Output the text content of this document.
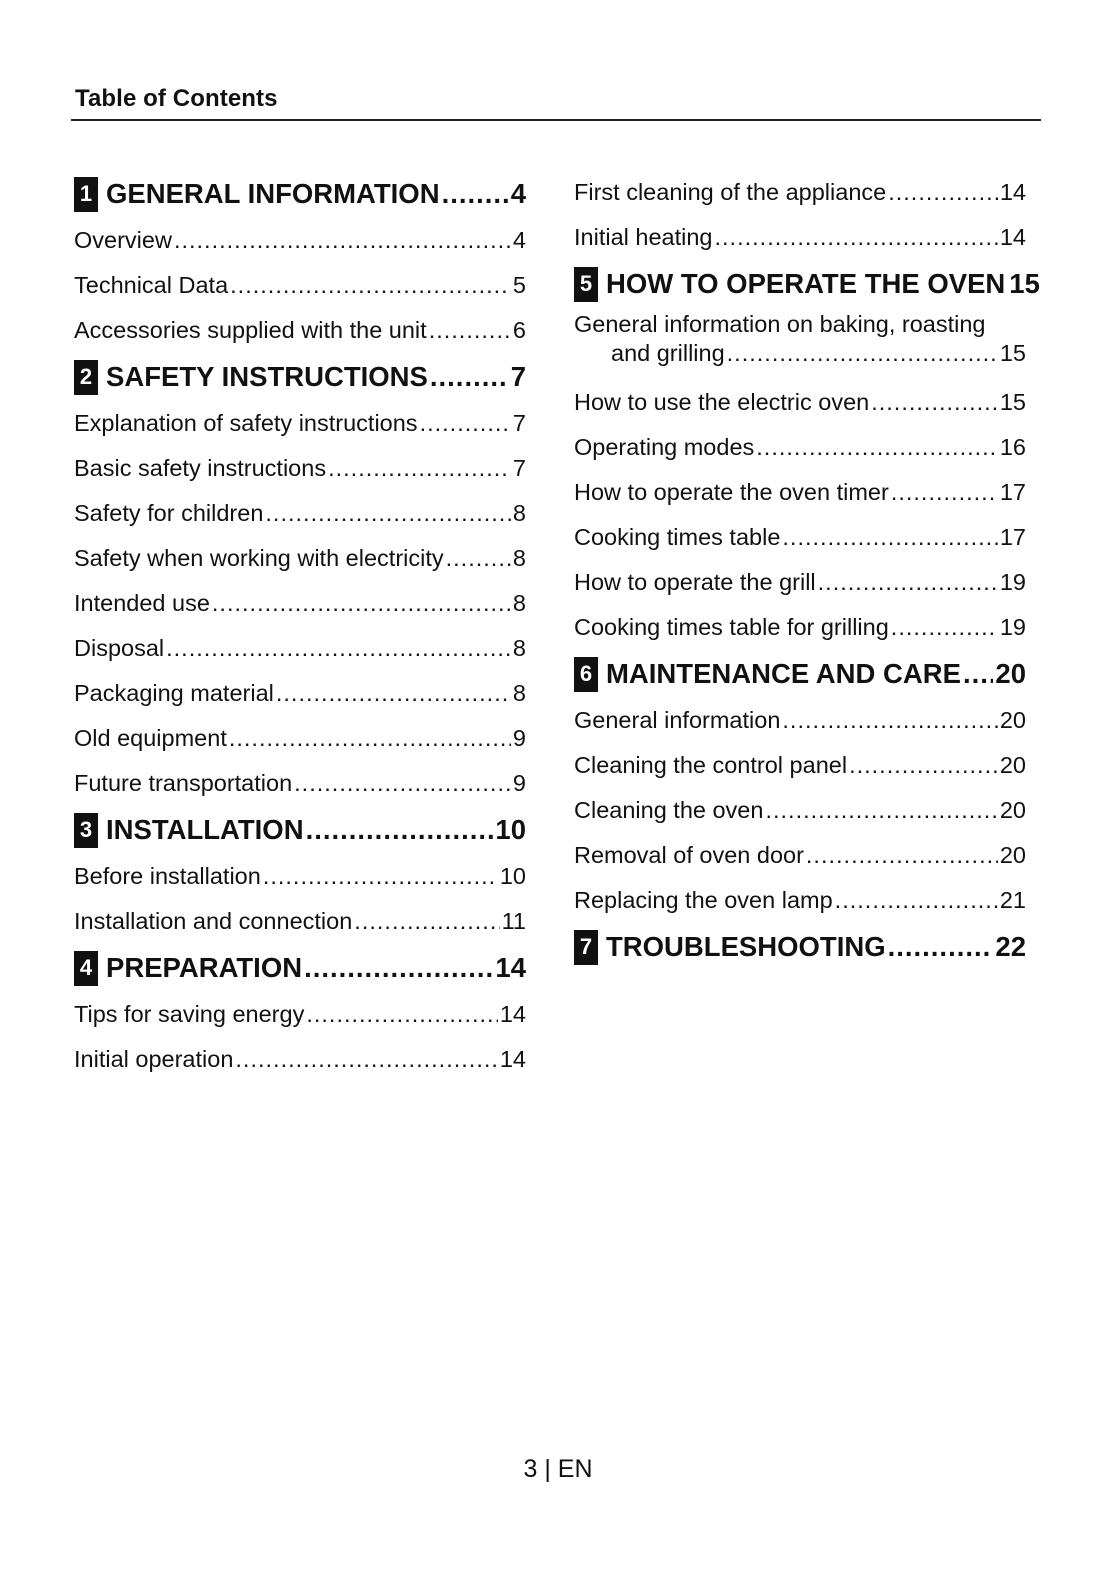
Table of Contents
1 GENERAL INFORMATION .....	4
Overview .....	4
Technical Data .....	5
Accessories supplied with the unit .....	6
2 SAFETY INSTRUCTIONS .....	7
Explanation of safety instructions .....	7
Basic safety instructions .....	7
Safety for children .....	8
Safety when working with electricity .....	8
Intended use .....	8
Disposal .....	8
Packaging material .....	8
Old equipment .....	9
Future transportation .....	9
3 INSTALLATION .....	10
Before installation .....	10
Installation and connection .....	11
4 PREPARATION .....	14
Tips for saving energy .....	14
Initial operation .....	14
First cleaning of the appliance .....	14
Initial heating .....	14
5 HOW TO OPERATE THE OVEN 15
General information on baking, roasting
and grilling .....	15
How to use the electric oven .....	15
Operating modes .....	16
How to operate the oven timer .....	17
Cooking times table .....	17
How to operate the grill .....	19
Cooking times table for grilling .....	19
6 MAINTENANCE AND CARE ..... 20
General information .....	20
Cleaning the control panel .....	20
Cleaning the oven .....	20
Removal of oven door .....	20
Replacing the oven lamp .....	21
7 TROUBLESHOOTING .....	22
3 | EN
